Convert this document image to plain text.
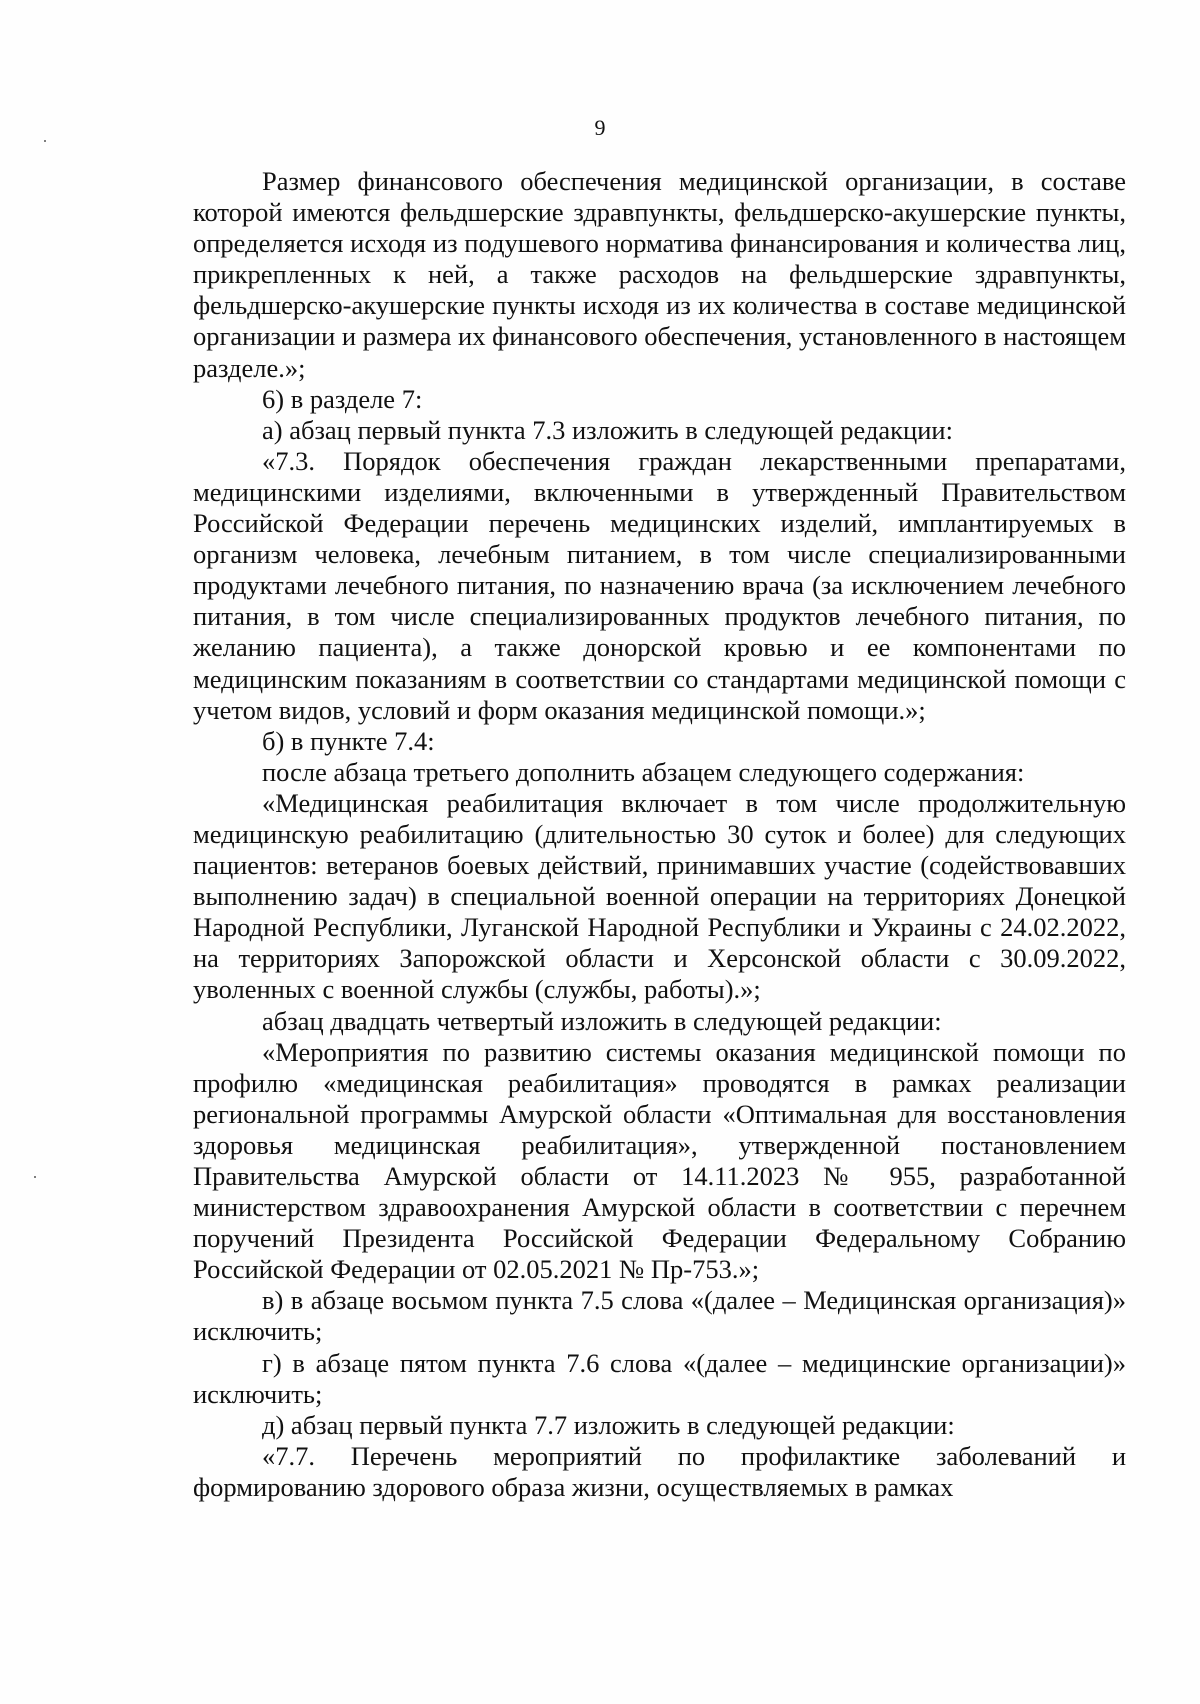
9

Размер финансового обеспечения медицинской организации, в составе которой имеются фельдшерские здравпункты, фельдшерско-акушерские пункты, определяется исходя из подушевого норматива финансирования и количества лиц, прикрепленных к ней, а также расходов на фельдшерские здравпункты, фельдшерско-акушерские пункты исходя из их количества в составе медицинской организации и размера их финансового обеспечения, установленного в настоящем разделе.»;

6) в разделе 7:

а) абзац первый пункта 7.3 изложить в следующей редакции:

«7.3. Порядок обеспечения граждан лекарственными препаратами, медицинскими изделиями, включенными в утвержденный Правительством Российской Федерации перечень медицинских изделий, имплантируемых в организм человека, лечебным питанием, в том числе специализированными продуктами лечебного питания, по назначению врача (за исключением лечебного питания, в том числе специализированных продуктов лечебного питания, по желанию пациента), а также донорской кровью и ее компонентами по медицинским показаниям в соответствии со стандартами медицинской помощи с учетом видов, условий и форм оказания медицинской помощи.»;

б) в пункте 7.4:

после абзаца третьего дополнить абзацем следующего содержания:

«Медицинская реабилитация включает в том числе продолжительную медицинскую реабилитацию (длительностью 30 суток и более) для следующих пациентов: ветеранов боевых действий, принимавших участие (содействовавших выполнению задач) в специальной военной операции на территориях Донецкой Народной Республики, Луганской Народной Республики и Украины с 24.02.2022, на территориях Запорожской области и Херсонской области с 30.09.2022, уволенных с военной службы (службы, работы).»;

абзац двадцать четвертый изложить в следующей редакции:

«Мероприятия по развитию системы оказания медицинской помощи по профилю «медицинская реабилитация» проводятся в рамках реализации региональной программы Амурской области «Оптимальная для восстановления здоровья медицинская реабилитация», утвержденной постановлением Правительства Амурской области от 14.11.2023 № 955, разработанной министерством здравоохранения Амурской области в соответствии с перечнем поручений Президента Российской Федерации Федеральному Собранию Российской Федерации от 02.05.2021 № Пр-753.»;

в) в абзаце восьмом пункта 7.5 слова «(далее – Медицинская организация)» исключить;

г) в абзаце пятом пункта 7.6 слова «(далее – медицинские организации)» исключить;

д) абзац первый пункта 7.7 изложить в следующей редакции:

«7.7. Перечень мероприятий по профилактике заболеваний и формированию здорового образа жизни, осуществляемых в рамках
